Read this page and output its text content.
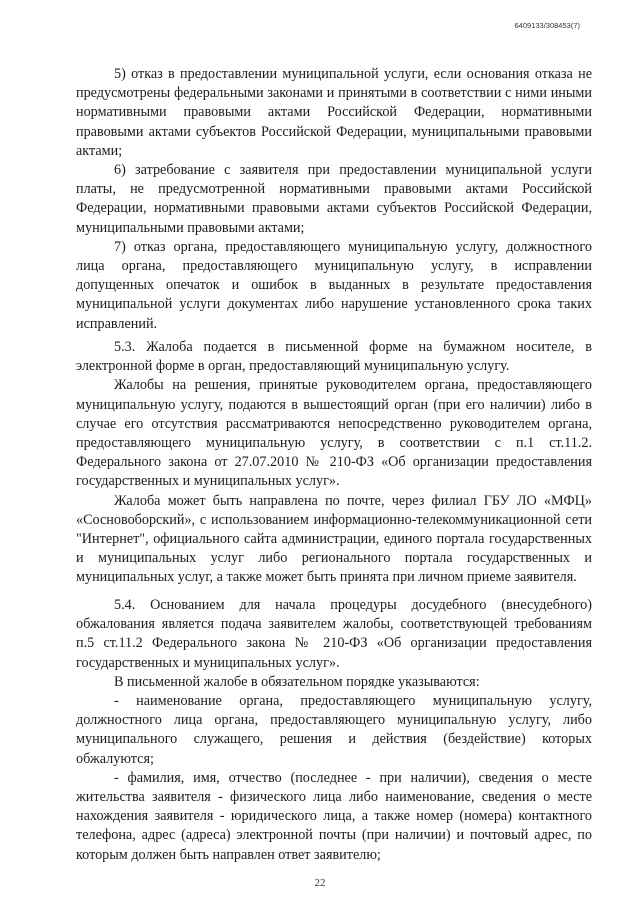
6409133/308453(7)

5) отказ в предоставлении муниципальной услуги, если основания отказа не предусмотрены федеральными законами и принятыми в соответствии с ними иными нормативными правовыми актами Российской Федерации, нормативными правовыми актами субъектов Российской Федерации, муниципальными правовыми актами;

6) затребование с заявителя при предоставлении муниципальной услуги платы, не предусмотренной нормативными правовыми актами Российской Федерации, нормативными правовыми актами субъектов Российской Федерации, муниципальными правовыми актами;

7) отказ органа, предоставляющего муниципальную услугу, должностного лица органа, предоставляющего муниципальную услугу, в исправлении допущенных опечаток и ошибок в выданных в результате предоставления муниципальной услуги документах либо нарушение установленного срока таких исправлений.

5.3. Жалоба подается в письменной форме на бумажном носителе, в электронной форме в орган, предоставляющий муниципальную услугу.

Жалобы на решения, принятые руководителем органа, предоставляющего муниципальную услугу, подаются в вышестоящий орган (при его наличии) либо в случае его отсутствия рассматриваются непосредственно руководителем органа, предоставляющего муниципальную услугу, в соответствии с п.1 ст.11.2. Федерального закона от 27.07.2010 № 210-ФЗ «Об организации предоставления государственных и муниципальных услуг».

Жалоба может быть направлена по почте, через филиал ГБУ ЛО «МФЦ» «Сосновоборский», с использованием информационно-телекоммуникационной сети "Интернет", официального сайта администрации, единого портала государственных и муниципальных услуг либо регионального портала государственных и муниципальных услуг, а также может быть принята при личном приеме заявителя.

5.4. Основанием для начала процедуры досудебного (внесудебного) обжалования является подача заявителем жалобы, соответствующей требованиям п.5 ст.11.2 Федерального закона № 210-ФЗ «Об организации предоставления государственных и муниципальных услуг».

В письменной жалобе в обязательном порядке указываются:

- наименование органа, предоставляющего муниципальную услугу, должностного лица органа, предоставляющего муниципальную услугу, либо муниципального служащего, решения и действия (бездействие) которых обжалуются;

- фамилия, имя, отчество (последнее - при наличии), сведения о месте жительства заявителя - физического лица либо наименование, сведения о месте нахождения заявителя - юридического лица, а также номер (номера) контактного телефона, адрес (адреса) электронной почты (при наличии) и почтовый адрес, по которым должен быть направлен ответ заявителю;

22
